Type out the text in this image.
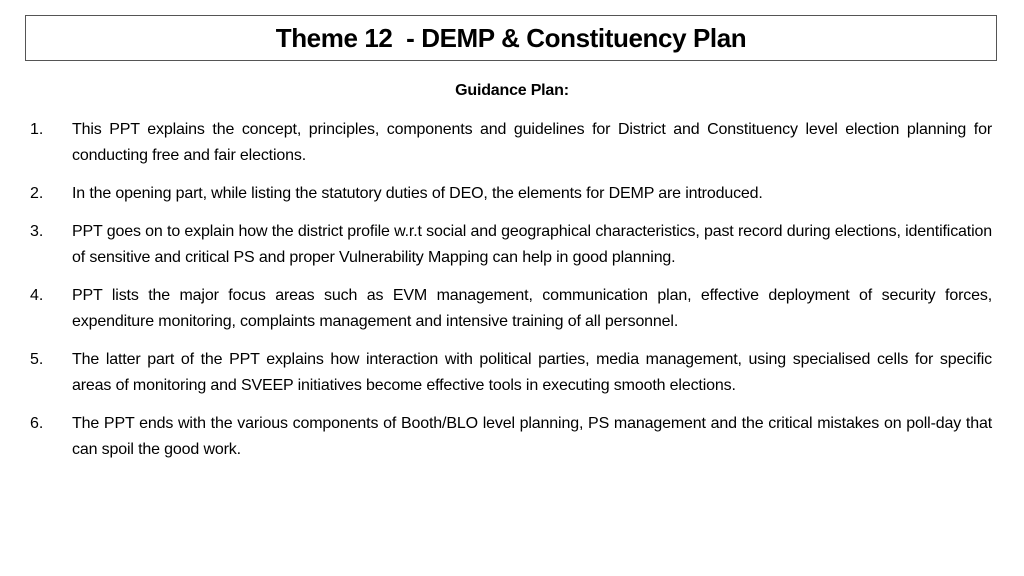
Theme 12  - DEMP & Constituency Plan
Guidance Plan:
1.	This PPT explains the concept, principles, components and guidelines for District and Constituency level election planning for conducting free and fair elections.
2.	In the opening part, while listing the statutory duties of DEO, the elements for DEMP are introduced.
3.	PPT goes on to explain how the district profile w.r.t social and geographical characteristics, past record during elections, identification of sensitive and critical PS and proper Vulnerability Mapping can help in good planning.
4.	PPT lists the major focus areas such as EVM management, communication plan, effective deployment of security forces, expenditure monitoring, complaints management and intensive training of all personnel.
5.	The latter part of the PPT explains how interaction with political parties, media management, using specialised cells for specific areas of monitoring and SVEEP initiatives become effective tools in executing smooth elections.
6.	The PPT ends with the various components of Booth/BLO level planning, PS management and the critical mistakes on poll-day that can spoil the good work.
